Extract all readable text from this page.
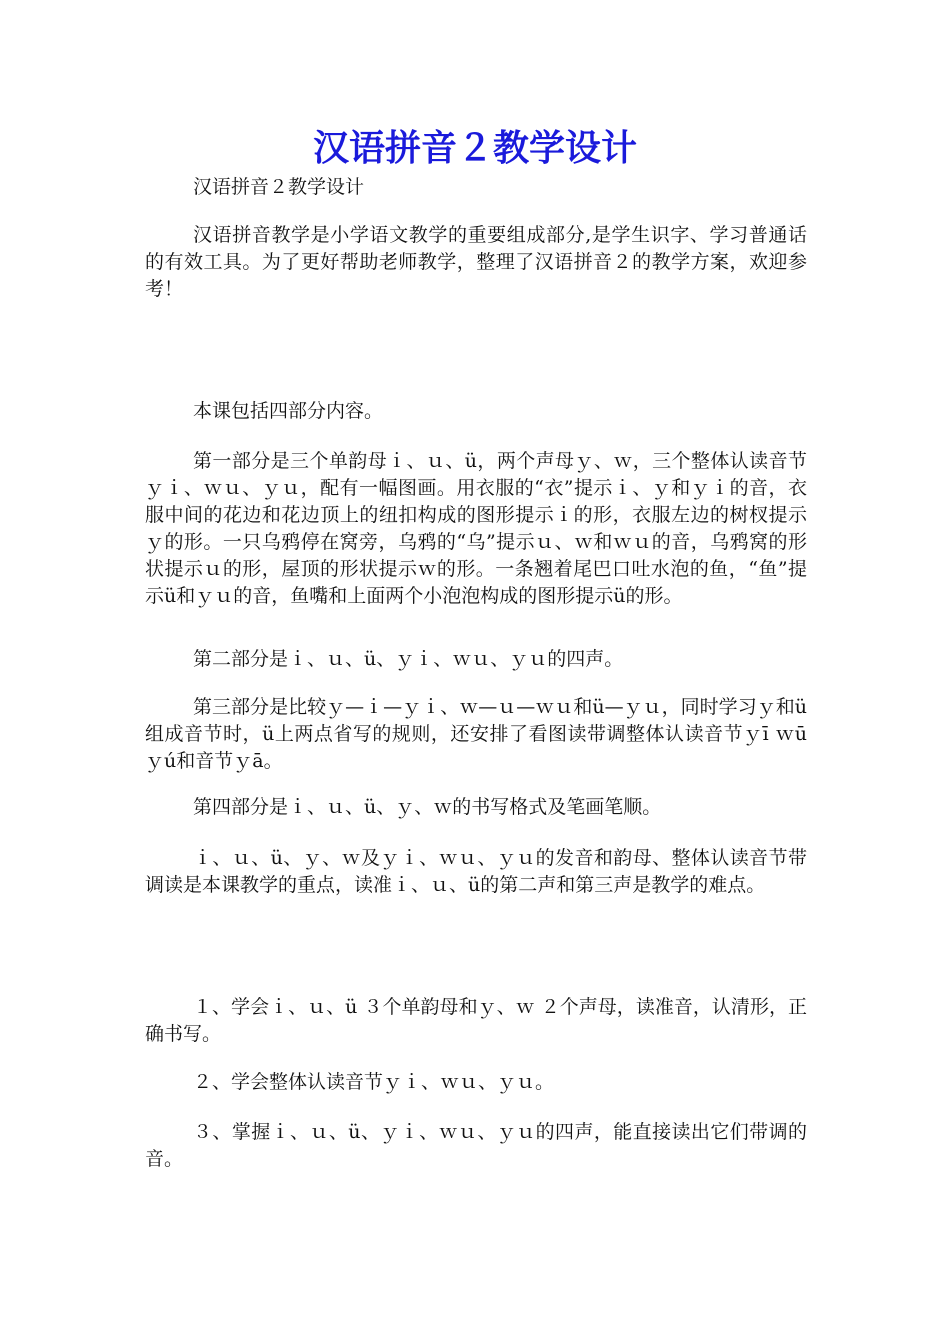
汉语拼音２教学设计

汉语拼音２教学设计

汉语拼音教学是小学语文教学的重要组成部分,是学生识字、学习普通话的有效工具。为了更好帮助老师教学，整理了汉语拼音２的教学方案，欢迎参考！

本课包括四部分内容。

第一部分是三个单韵母ｉ、ｕ、ü，两个声母ｙ、ｗ，三个整体认读音节ｙｉ、ｗｕ、ｙｕ，配有一幅图画。用衣服的“衣”提示ｉ、ｙ和ｙｉ的音，衣服中间的花边和花边顶上的纽扣构成的图形提示ｉ的形，衣服左边的树杈提示ｙ的形。一只乌鸦停在窝旁，乌鸦的“乌”提示ｕ、ｗ和ｗｕ的音，乌鸦窝的形状提示ｕ的形，屋顶的形状提示ｗ的形。一条翘着尾巴口吐水泡的鱼，“鱼”提示ü和ｙｕ的音，鱼嘴和上面两个小泡泡构成的图形提示ü的形。

第二部分是ｉ、ｕ、ü、ｙｉ、ｗｕ、ｙｕ的四声。

第三部分是比较ｙ—ｉ—ｙｉ、ｗ—ｕ—ｗｕ和ü—ｙｕ，同时学习ｙ和ü组成音节时，ü上两点省写的规则，还安排了看图读带调整体认读音节ｙī ｗū ｙú和音节ｙā。

第四部分是ｉ、ｕ、ü、ｙ、ｗ的书写格式及笔画笔顺。

ｉ、ｕ、ü、ｙ、ｗ及ｙｉ、ｗｕ、ｙｕ的发音和韵母、整体认读音节带调读是本课教学的重点，读准ｉ、ｕ、ü的第二声和第三声是教学的难点。

１、学会ｉ、ｕ、ü ３个单韵母和ｙ、ｗ ２个声母，读准音，认清形，正确书写。

２、学会整体认读音节ｙｉ、ｗｕ、ｙｕ。

３、掌握ｉ、ｕ、ü、ｙｉ、ｗｕ、ｙｕ的四声，能直接读出它们带调的音。
